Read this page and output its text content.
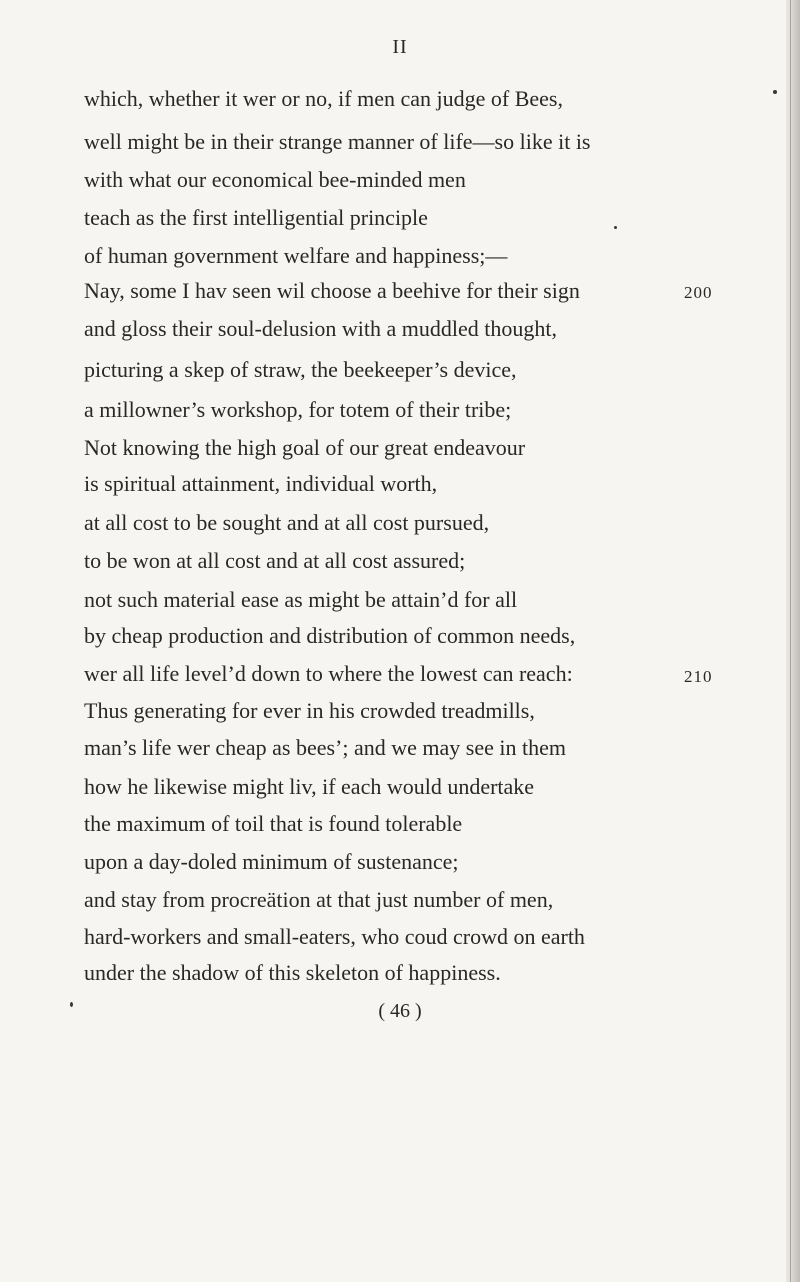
II
which, whether it wer or no, if men can judge of Bees,
well might be in their strange manner of life—so like it is
with what our economical bee-minded men
teach as the first intelligential principle
of human government welfare and happiness;—
Nay, some I hav seen wil choose a beehive for their sign
and gloss their soul-delusion with a muddled thought,
picturing a skep of straw, the beekeeper’s device,
a millowner’s workshop, for totem of their tribe;
Not knowing the high goal of our great endeavour
is spiritual attainment, individual worth,
at all cost to be sought and at all cost pursued,
to be won at all cost and at all cost assured;
not such material ease as might be attain’d for all
by cheap production and distribution of common needs,
wer all life level’d down to where the lowest can reach:
Thus generating for ever in his crowded treadmills,
man’s life wer cheap as bees’; and we may see in them
how he likewise might liv, if each would undertake
the maximum of toil that is found tolerable
upon a day-doled minimum of sustenance;
and stay from procreätion at that just number of men,
hard-workers and small-eaters, who coud crowd on earth
under the shadow of this skeleton of happiness.
200
210
( 46 )
